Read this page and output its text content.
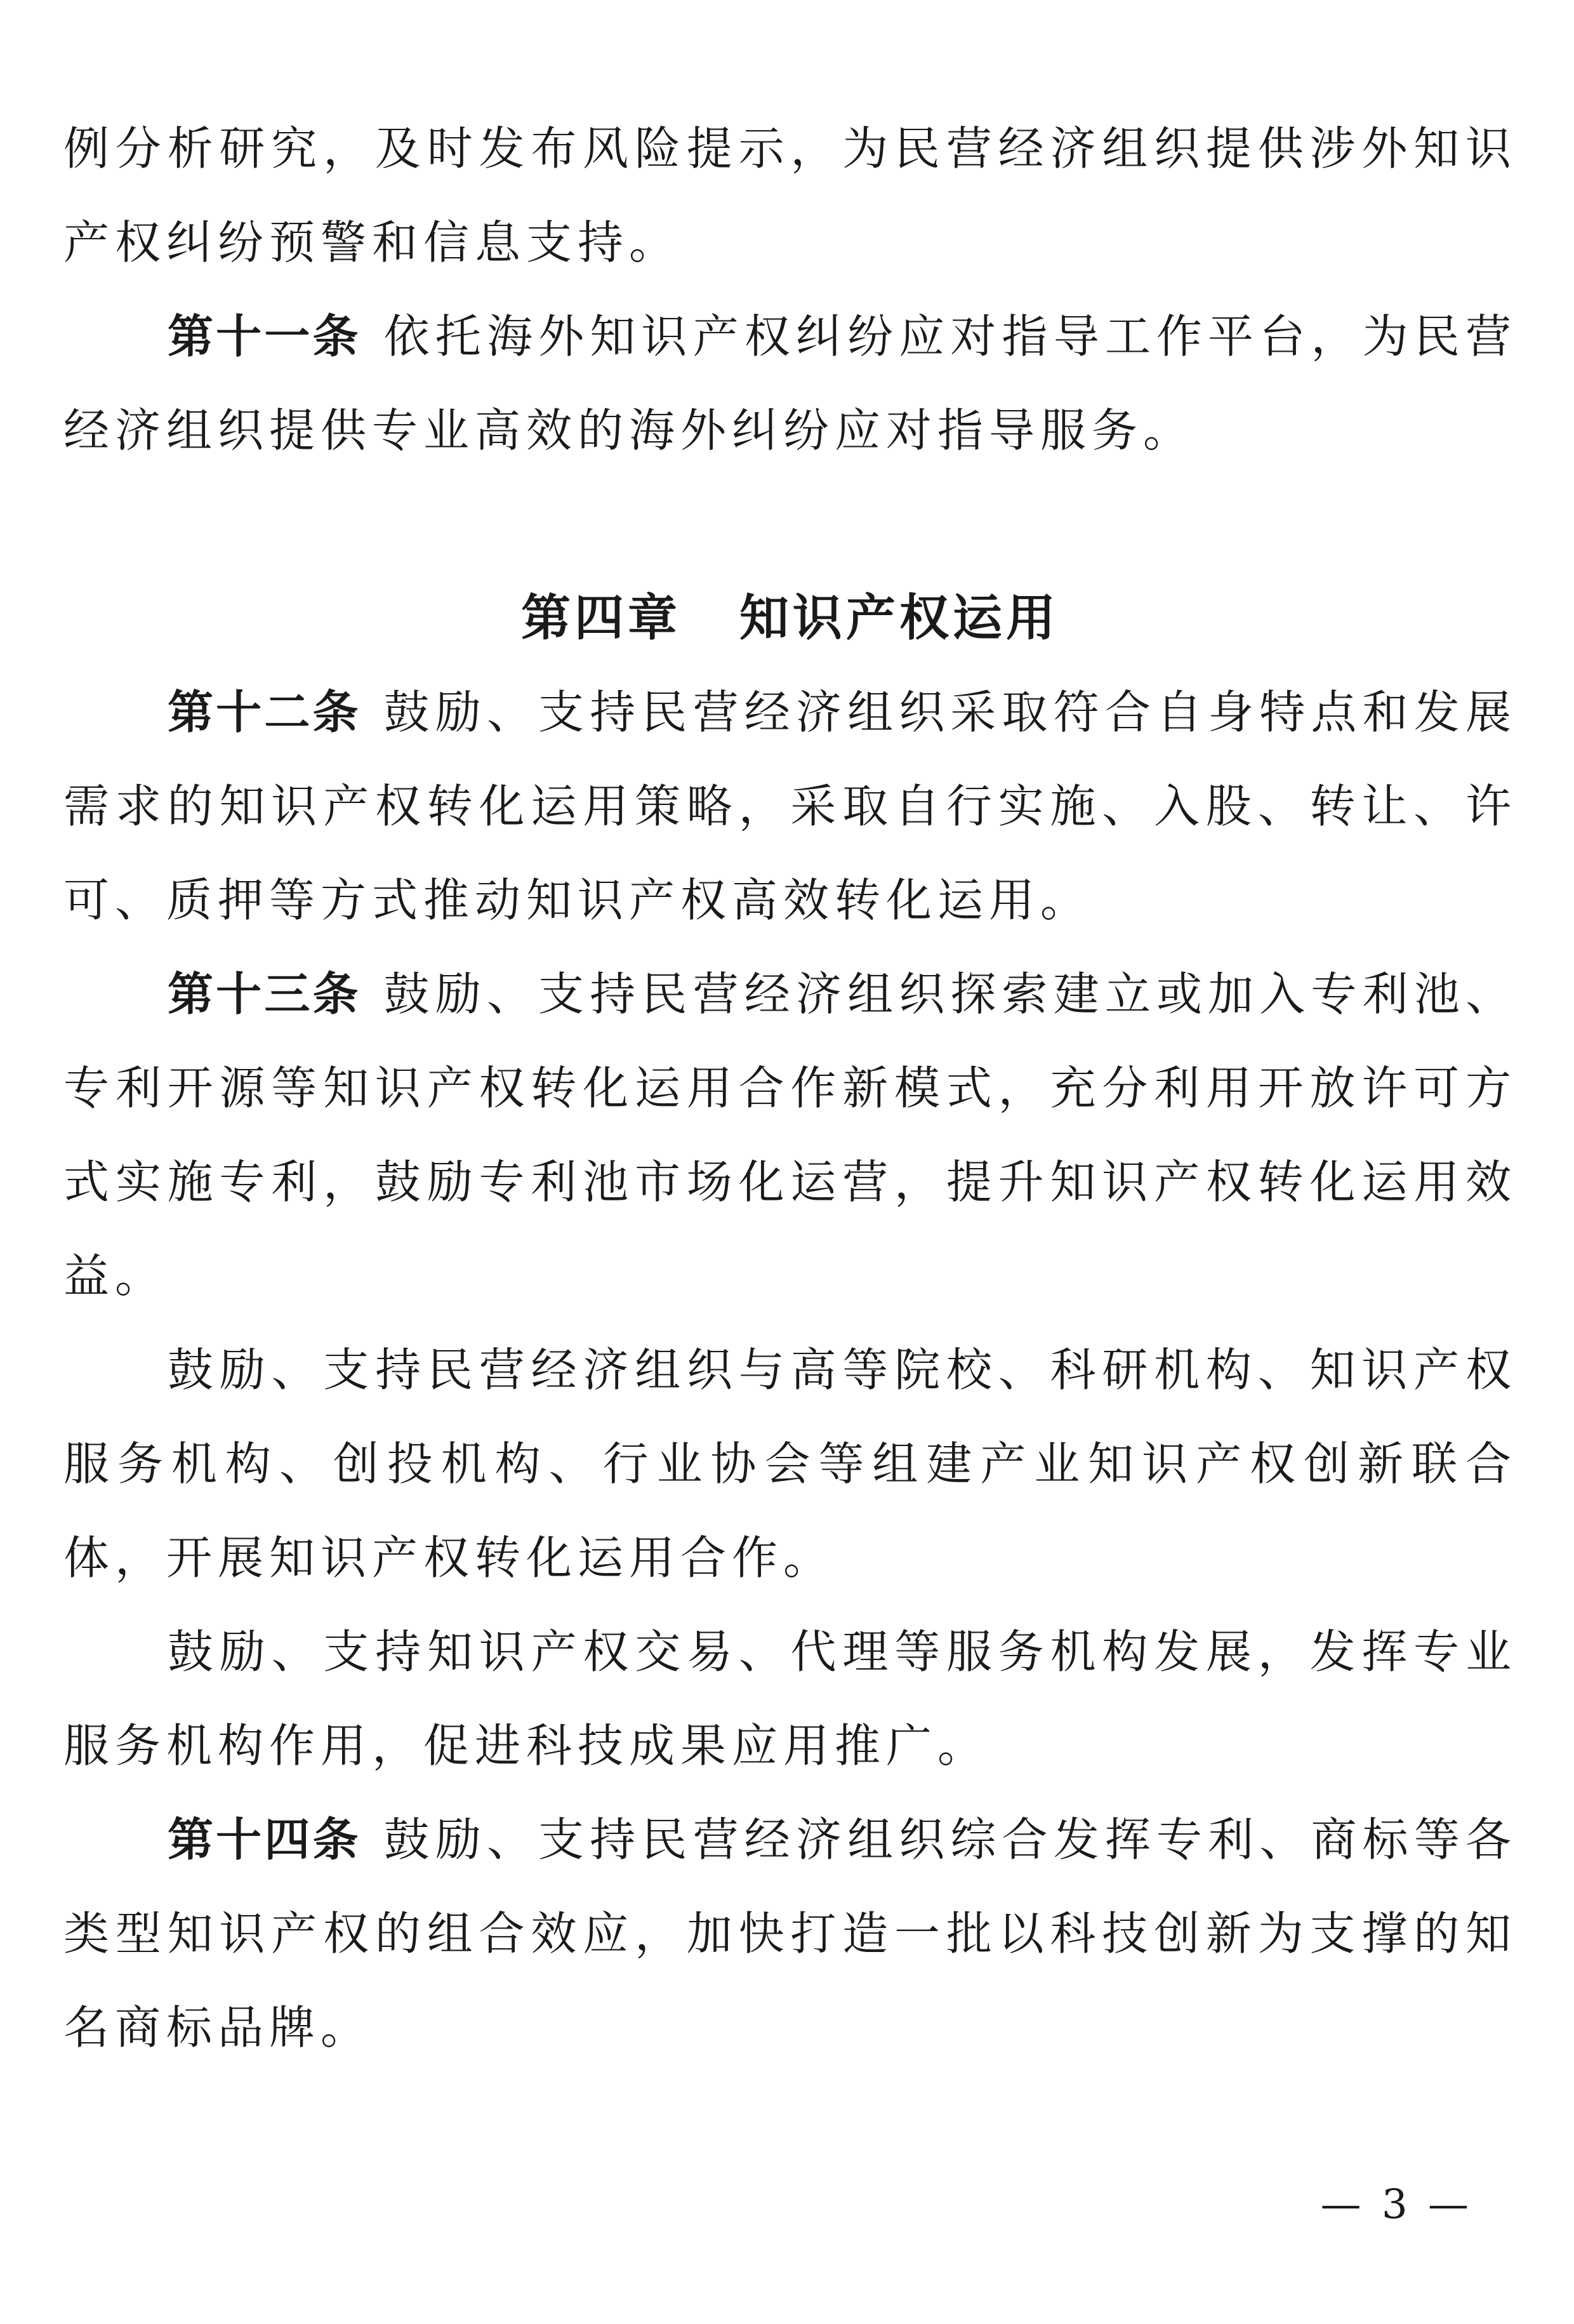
例分析研究，及时发布风险提示，为民营经济组织提供涉外知识产权纠纷预警和信息支持。

第十一条 依托海外知识产权纠纷应对指导工作平台，为民营经济组织提供专业高效的海外纠纷应对指导服务。

第四章 知识产权运用

第十二条 鼓励、支持民营经济组织采取符合自身特点和发展需求的知识产权转化运用策略，采取自行实施、入股、转让、许可、质押等方式推动知识产权高效转化运用。

第十三条 鼓励、支持民营经济组织探索建立或加入专利池、专利开源等知识产权转化运用合作新模式，充分利用开放许可方式实施专利，鼓励专利池市场化运营，提升知识产权转化运用效益。

鼓励、支持民营经济组织与高等院校、科研机构、知识产权服务机构、创投机构、行业协会等组建产业知识产权创新联合体，开展知识产权转化运用合作。

鼓励、支持知识产权交易、代理等服务机构发展，发挥专业服务机构作用，促进科技成果应用推广。

第十四条 鼓励、支持民营经济组织综合发挥专利、商标等各类型知识产权的组合效应，加快打造一批以科技创新为支撑的知名商标品牌。

— 3 —
